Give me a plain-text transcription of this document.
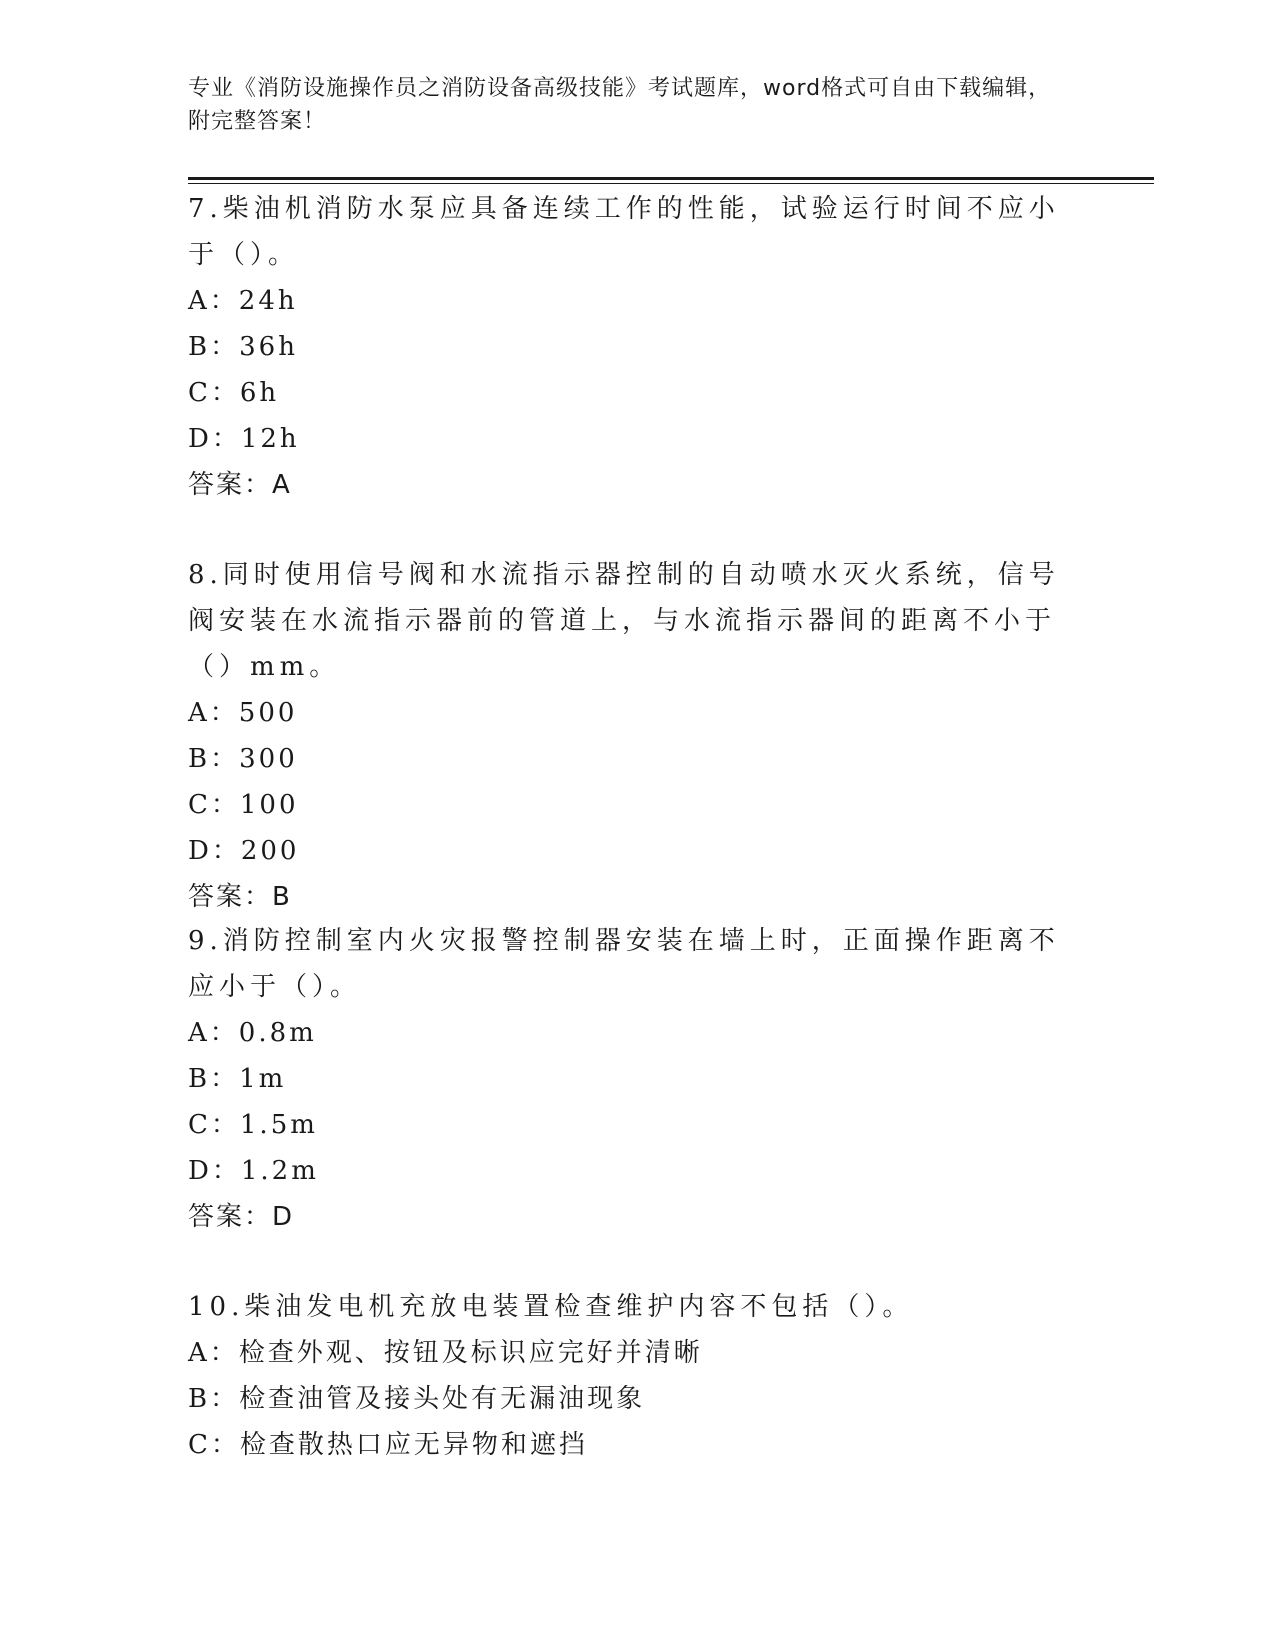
专业《消防设施操作员之消防设备高级技能》考试题库，word格式可自由下载编辑，附完整答案！

7.柴油机消防水泵应具备连续工作的性能，试验运行时间不应小于（）。

A：24h

B：36h

C：6h

D：12h

答案：A

8.同时使用信号阀和水流指示器控制的自动喷水灭火系统，信号阀安装在水流指示器前的管道上，与水流指示器间的距离不小于（）mm。

A：500

B：300

C：100

D：200

答案：B

9.消防控制室内火灾报警控制器安装在墙上时，正面操作距离不应小于（）。

A：0.8m

B：1m

C：1.5m

D：1.2m

答案：D

10.柴油发电机充放电装置检查维护内容不包括（）。

A：检查外观、按钮及标识应完好并清晰

B：检查油管及接头处有无漏油现象

C：检查散热口应无异物和遮挡
